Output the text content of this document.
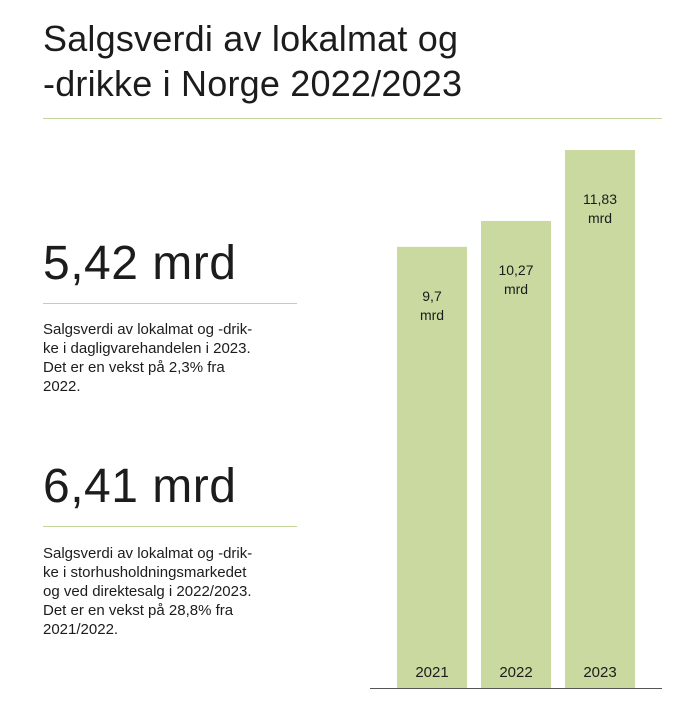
Salgsverdi av lokalmat og
-drikke i Norge 2022/2023
5,42 mrd
Salgsverdi av lokalmat og -drik-
ke i dagligvarehandelen i 2023.
Det er en vekst på 2,3% fra
2022.
6,41 mrd
Salgsverdi av lokalmat og -drik-
ke i storhusholdningsmarkedet
og ved direktesalg i 2022/2023.
Det er en vekst på 28,8% fra
2021/2022.
9,7
mrd
2021
10,27
mrd
2022
11,83
mrd
2023
